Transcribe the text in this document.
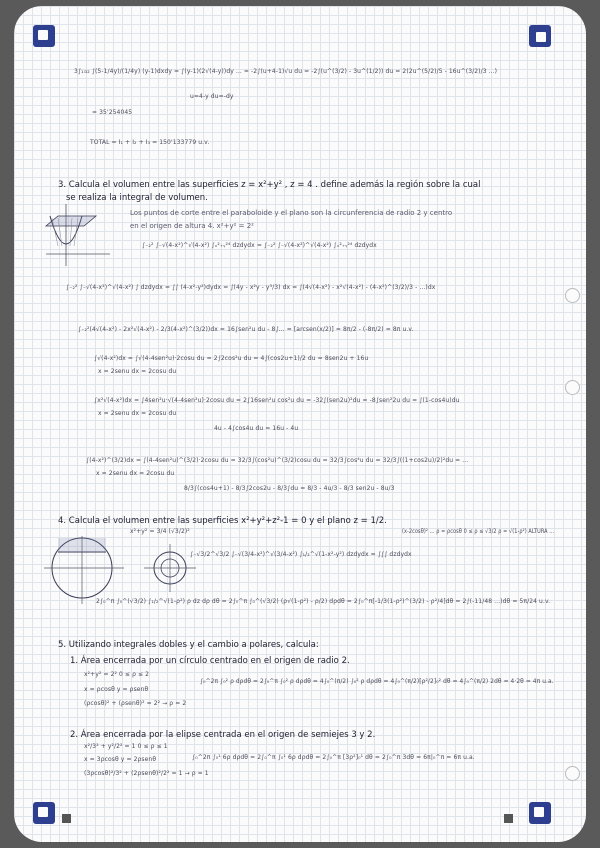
3∫₁ₗ₃₂ ∫(5-1/4y)/(1/4y) (y-1)dxdy = ∫(y-1)(2√(4-y))dy ... = -2∫(u+4-1)√u du = -2∫(u^(3/2) - 3u^(1/2)) du = 2(2u^(5/2)/5 - 16u^(3/2)/3 ...)
u=4-y du=-dy
= 35'254045
TOTAL = I₁ + I₂ + I₃ = 150'133779 u.v.
3. Calcula el volumen entre las superficies z = x²+y² , z = 4 . define además la región sobre la cual
se realiza la integral de volumen.
Los puntos de corte entre el paraboloide y el plano son la circunferencia de radio 2 y centro
en el origen de altura 4. x²+y² = 2²
∫₋₂² ∫₋√(4-x²)^√(4-x²) ∫ₓ²₊ᵧ²⁴ dzdydx = ∫₋₂² ∫₋√(4-x²)^√(4-x²) ∫ₓ²₊ᵧ²⁴ dzdydx
∫₋₂² ∫₋√(4-x²)^√(4-x²) ∫ dzdydx = ∫∫ (4-x²-y²)dydx = ∫(4y - x²y - y³/3) dx = ∫(4√(4-x²) - x²√(4-x²) - (4-x²)^(3/2)/3 - ...)dx
∫₋₂²(4√(4-x²) - 2x²√(4-x²) - 2/3(4-x²)^(3/2))dx = 16∫sen²u du - 8∫... = [arcsen(x/2)] = 8π/2 - (-8π/2) = 8π u.v.
∫√(4-x²)dx = ∫√(4-4sen²u)·2cosu du = 2∫2cos²u du = 4∫(cos2u+1)/2 du = 8sen2u + 16u
x = 2senu dx = 2cosu du
∫x²√(4-x²)dx = ∫4sen²u·√(4-4sen²u)·2cosu du = 2∫16sen²u cos²u du = -32∫(sen2u)²du = -8∫sen²2u du = ∫(1-cos4u)du
x = 2senu dx = 2cosu du
4u - 4∫cos4u du = 16u - 4u
∫(4-x²)^(3/2)dx = ∫(4-4sen²u)^(3/2)·2cosu du = 32/3∫(cos²u)^(3/2)cosu du = 32/3∫cos⁴u du = 32/3∫((1+cos2u)/2)²du = ...
x = 2senu dx = 2cosu du
8/3∫(cos4u+1) - 8/3∫2cos2u - 8/3∫du = 8/3 - 4u/3 - 8/3 sen2u - 8u/3
4. Calcula el volumen entre las superficies x²+y²+z²-1 = 0 y el plano z = 1/2.
x²+y² = 3/4 (√3/2)²
∫₋√3/2^√3/2 ∫₋√(3/4-x²)^√(3/4-x²) ∫₁/₂^√(1-x²-y²) dzdydx = ∫∫∫ dzdydx
2∫₀^π ∫₀^(√3/2) ∫₁/₂^√(1-ρ²) ρ dz dρ dθ = 2∫₀^π ∫₀^(√3/2) (ρ√(1-ρ²) - ρ/2) dρdθ = 2∫₀^π[-1/3(1-ρ²)^(3/2) - ρ²/4]dθ = 2∫(-11/48 ...)dθ = 5π/24 u.v.
5. Utilizando integrales dobles y el cambio a polares, calcula:
1. Área encerrada por un círculo centrado en el origen de radio 2.
x²+y² = 2² 0 ≤ ρ ≤ 2
∫₀^2π ∫₀² ρ dρdθ = 2∫₀^π ∫₀² ρ dρdθ = 4∫₀^(π/2) ∫₀² ρ dρdθ = 4∫₀^(π/2)[ρ²/2]₀² dθ = 4∫₀^(π/2) 2dθ = 4·2θ = 4π u.a.
x = ρcosθ y = ρsenθ
(ρcosθ)² + (ρsenθ)² = 2² → ρ = 2
2. Área encerrada por la elipse centrada en el origen de semiejes 3 y 2.
x²/3² + y²/2² = 1 0 ≤ ρ ≤ 1
∫₀^2π ∫₀¹ 6ρ dρdθ = 2∫₀^π ∫₀¹ 6ρ dρdθ = 2∫₀^π [3ρ²]₀¹ dθ = 2∫₀^π 3dθ = 6π|₀^π = 6π u.a.
x = 3ρcosθ y = 2ρsenθ
(3ρcosθ)²/3² + (2ρsenθ)²/2² = 1 → ρ = 1
(x-2cosθ)² ... ρ = ρcosθ 0 ≤ ρ ≤ √3/2 ρ = √(1-ρ²) ALTURA ...
